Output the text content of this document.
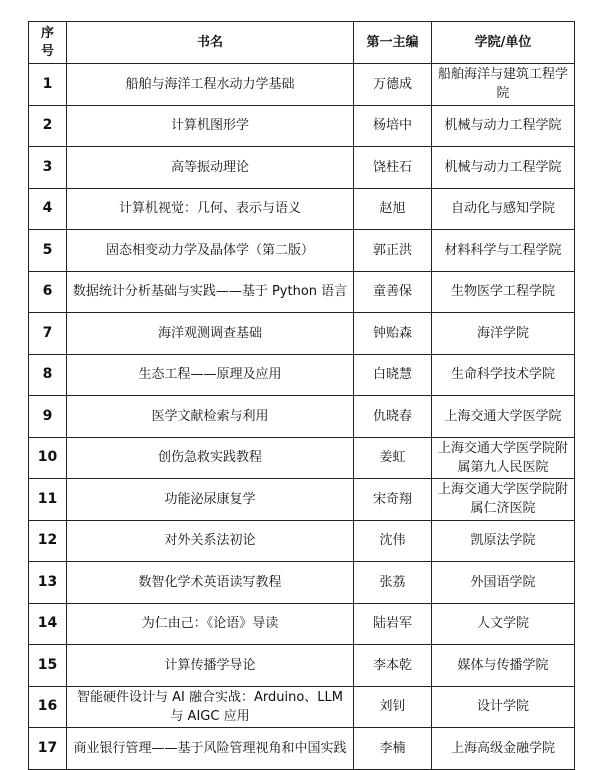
序
号	书名	第一主编	学院/单位
1	船舶与海洋工程水动力学基础	万德成	船舶海洋与建筑工程学院
2	计算机图形学	杨培中	机械与动力工程学院
3	高等振动理论	饶柱石	机械与动力工程学院
4	计算机视觉：几何、表示与语义	赵旭	自动化与感知学院
5	固态相变动力学及晶体学（第二版）	郭正洪	材料科学与工程学院
6	数据统计分析基础与实践——基于 Python 语言	童善保	生物医学工程学院
7	海洋观测调查基础	钟贻森	海洋学院
8	生态工程——原理及应用	白晓慧	生命科学技术学院
9	医学文献检索与利用	仇晓春	上海交通大学医学院
10	创伤急救实践教程	姜虹	上海交通大学医学院附属第九人民医院
11	功能泌尿康复学	宋奇翔	上海交通大学医学院附属仁济医院
12	对外关系法初论	沈伟	凯原法学院
13	数智化学术英语读写教程	张荔	外国语学院
14	为仁由己：《论语》导读	陆岩军	人文学院
15	计算传播学导论	李本乾	媒体与传播学院
16	智能硬件设计与 AI 融合实战：Arduino、LLM 与 AIGC 应用	刘钊	设计学院
17	商业银行管理——基于风险管理视角和中国实践	李楠	上海高级金融学院
